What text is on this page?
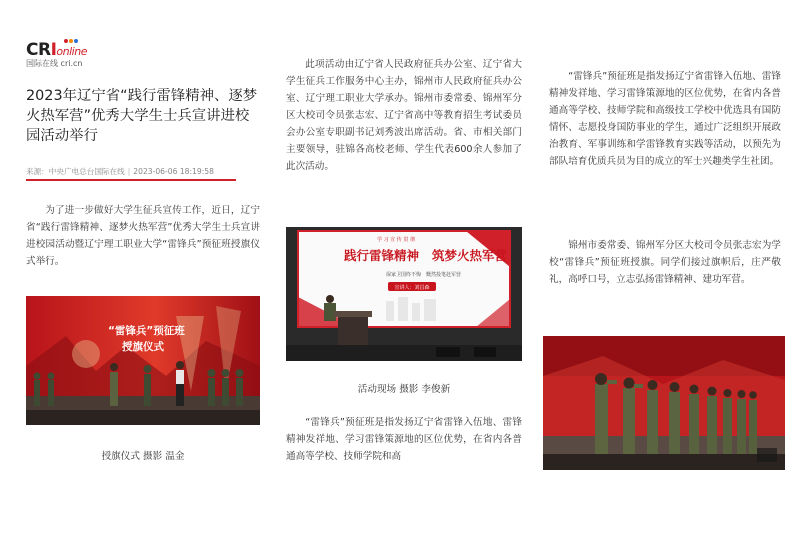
CRIonline
国际在线 cri.cn
2023年辽宁省“践行雷锋精神、逐梦火热军营”优秀大学生士兵宣讲进校园活动举行
来源：中央广电总台国际在线 | 2023-06-06 18:19:58

为了进一步做好大学生征兵宣传工作，近日，辽宁省“践行雷锋精神、逐梦火热军营”优秀大学生士兵宣讲进校园活动暨辽宁理工职业大学“雷锋兵”预征班授旗仪式举行。

“雷锋兵”预征班
授旗仪式
授旗仪式 摄影 温金

此项活动由辽宁省人民政府征兵办公室、辽宁省大学生征兵工作服务中心主办，锦州市人民政府征兵办公室、辽宁理工职业大学承办。锦州市委常委、锦州军分区大校司令员张志宏、辽宁省高中等教育招生考试委员会办公室专职副书记刘秀波出席活动。省、市相关部门主要领导，驻锦各高校老师、学生代表600余人参加了此次活动。

学 习 宣 传 贯 彻
践行雷锋精神 筑梦火热军营
保家卫国终不悔　慨然投笔赴军营
宣讲人：刘昌森
活动现场 摄影 李俊新

“雷锋兵”预征班是指发扬辽宁省雷锋入伍地、雷锋精神发祥地、学习雷锋策源地的区位优势，在省内各普通高等学校、技师学院和高

“雷锋兵”预征班是指发扬辽宁省雷锋入伍地、雷锋精神发祥地、学习雷锋策源地的区位优势，在省内各普通高等学校、技师学院和高级技工学校中优选具有国防情怀、志愿投身国防事业的学生，通过广泛组织开展政治教育、军事训练和学雷锋教育实践等活动，以预先为部队培育优质兵员为目的成立的军士兴趣类学生社团。

锦州市委常委、锦州军分区大校司令员张志宏为学校“雷锋兵”预征班授旗。同学们接过旗帜后，庄严敬礼，高呼口号，立志弘扬雷锋精神、建功军营。
